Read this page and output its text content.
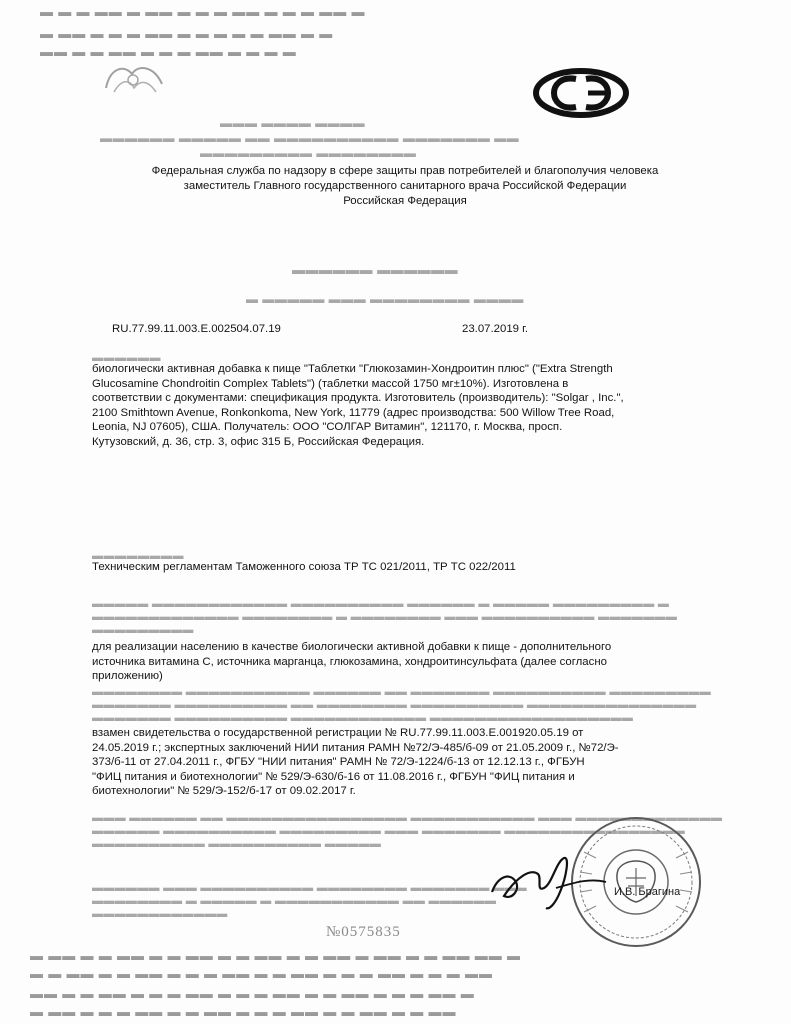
▬ ▬ ▬ ▬▬ ▬ ▬▬ ▬ ▬ ▬ ▬▬ ▬ ▬ ▬ ▬▬ ▬
▬ ▬▬ ▬ ▬ ▬ ▬▬ ▬ ▬ ▬ ▬ ▬ ▬▬ ▬ ▬
▬▬ ▬ ▬ ▬▬ ▬ ▬ ▬ ▬▬ ▬ ▬ ▬ ▬
▬▬▬ ▬▬▬▬ ▬▬▬▬
▬▬▬▬▬▬ ▬▬▬▬▬ ▬▬ ▬▬▬▬▬▬▬▬▬▬ ▬▬▬▬▬▬▬ ▬▬
▬▬▬▬▬▬▬▬▬ ▬▬▬▬▬▬▬▬
Федеральная служба по надзору в сфере защиты прав потребителей и благополучия человека
заместитель Главного государственного санитарного врача Российской Федерации
Российская Федерация
▬▬▬▬▬▬ ▬▬▬▬▬▬
▬ ▬▬▬▬▬ ▬▬▬ ▬▬▬▬▬▬▬▬ ▬▬▬▬
RU.77.99.11.003.E.002504.07.19	23.07.2019 г.
▬▬▬▬▬▬
биологически активная добавка к пище "Таблетки "Глюкозамин-Хондроитин плюс" ("Extra Strength
Glucosamine Chondroitin Complex Tablets") (таблетки массой 1750 мг±10%). Изготовлена в
соответствии с документами: спецификация продукта. Изготовитель (производитель): "Solgar , Inc.",
2100 Smithtown Avenue, Ronkonkoma, New York, 11779 (адрес производства: 500 Willow Tree Road,
Leonia, NJ 07605), США. Получатель: ООО "СОЛГАР Витамин", 121170, г. Москва, просп.
Кутузовский, д. 36, стр. 3, офис 315 Б, Российская Федерация.
▬▬▬▬▬▬▬▬
Техническим регламентам Таможенного союза ТР ТС 021/2011, ТР ТС 022/2011
▬▬▬▬▬ ▬▬▬▬▬▬▬▬▬▬▬▬ ▬▬▬▬▬▬▬▬▬▬ ▬▬▬▬▬▬ ▬ ▬▬▬▬▬ ▬▬▬▬▬▬▬▬▬ ▬
▬▬▬▬▬▬▬▬▬▬▬▬▬ ▬▬▬▬▬▬▬▬ ▬ ▬▬▬▬▬▬▬▬ ▬▬▬ ▬▬▬▬▬▬▬▬▬▬ ▬▬▬▬▬▬▬
▬▬▬▬▬▬▬▬▬
для реализации населению в качестве биологически активной добавки к пище - дополнительного
источника витамина С, источника марганца, глюкозамина, хондроитинсульфата (далее согласно
приложению)
▬▬▬▬▬▬▬▬ ▬▬▬▬▬▬▬▬▬▬▬ ▬▬▬▬▬▬ ▬▬ ▬▬▬▬▬▬▬ ▬▬▬▬▬▬▬▬▬▬ ▬▬▬▬▬▬▬▬▬
▬▬▬▬▬▬▬ ▬▬▬▬▬▬▬▬▬▬ ▬▬ ▬▬▬▬▬▬▬▬ ▬▬▬▬▬▬▬▬▬▬ ▬▬▬▬▬▬▬▬▬▬▬▬▬▬▬
▬▬▬▬▬▬▬ ▬▬▬▬▬▬▬▬▬▬ ▬▬▬▬▬▬▬▬▬▬▬▬ ▬▬▬▬▬▬▬▬▬▬▬▬▬▬▬▬▬▬
взамен свидетельства о государственной регистрации № RU.77.99.11.003.E.001920.05.19 от
24.05.2019 г.; экспертных заключений НИИ питания РАМН №72/Э-485/б-09 от 21.05.2009 г., №72/Э-
373/б-11 от 27.04.2011 г., ФГБУ "НИИ питания" РАМН № 72/Э-1224/б-13 от 12.12.13 г., ФГБУН
"ФИЦ питания и биотехнологии" № 529/Э-630/б-16 от 11.08.2016 г., ФГБУН "ФИЦ питания и
биотехнологии" № 529/Э-152/б-17 от 09.02.2017 г.
▬▬▬ ▬▬▬▬▬▬ ▬▬ ▬▬▬▬▬▬▬▬▬▬▬▬▬▬▬▬ ▬▬▬▬▬▬▬▬▬▬▬ ▬▬▬ ▬▬▬▬▬▬▬▬▬▬▬▬▬
▬▬▬▬▬▬ ▬▬▬▬▬▬▬▬▬▬ ▬▬▬▬▬▬▬▬▬ ▬▬▬ ▬▬▬▬▬▬▬ ▬▬▬▬▬▬▬▬▬▬▬▬▬▬▬▬
▬▬▬▬▬▬▬▬▬▬ ▬▬▬▬▬▬▬▬▬▬ ▬▬▬▬▬
▬▬▬▬▬▬ ▬▬▬ ▬▬▬▬▬▬▬▬▬▬ ▬▬▬▬▬▬▬▬ ▬▬▬▬▬▬▬ ▬▬▬
▬▬▬▬▬▬▬▬ ▬ ▬▬▬▬▬ ▬ ▬▬▬▬▬▬▬▬▬▬▬ ▬▬ ▬▬▬▬▬▬
▬▬▬▬▬▬▬▬▬▬▬▬
И.В. Брагина
№0575835
▬ ▬▬ ▬ ▬ ▬▬ ▬ ▬ ▬▬ ▬ ▬ ▬▬ ▬ ▬ ▬▬ ▬ ▬▬ ▬ ▬ ▬▬ ▬▬ ▬
▬ ▬ ▬▬ ▬ ▬ ▬▬ ▬ ▬ ▬ ▬▬ ▬ ▬ ▬▬ ▬ ▬ ▬ ▬▬ ▬ ▬ ▬ ▬▬
▬▬ ▬ ▬ ▬▬ ▬ ▬ ▬ ▬▬ ▬ ▬ ▬ ▬▬ ▬ ▬ ▬▬ ▬ ▬ ▬ ▬▬ ▬
▬ ▬▬ ▬ ▬ ▬ ▬▬ ▬ ▬ ▬▬ ▬ ▬ ▬ ▬▬ ▬ ▬ ▬▬ ▬ ▬ ▬▬
